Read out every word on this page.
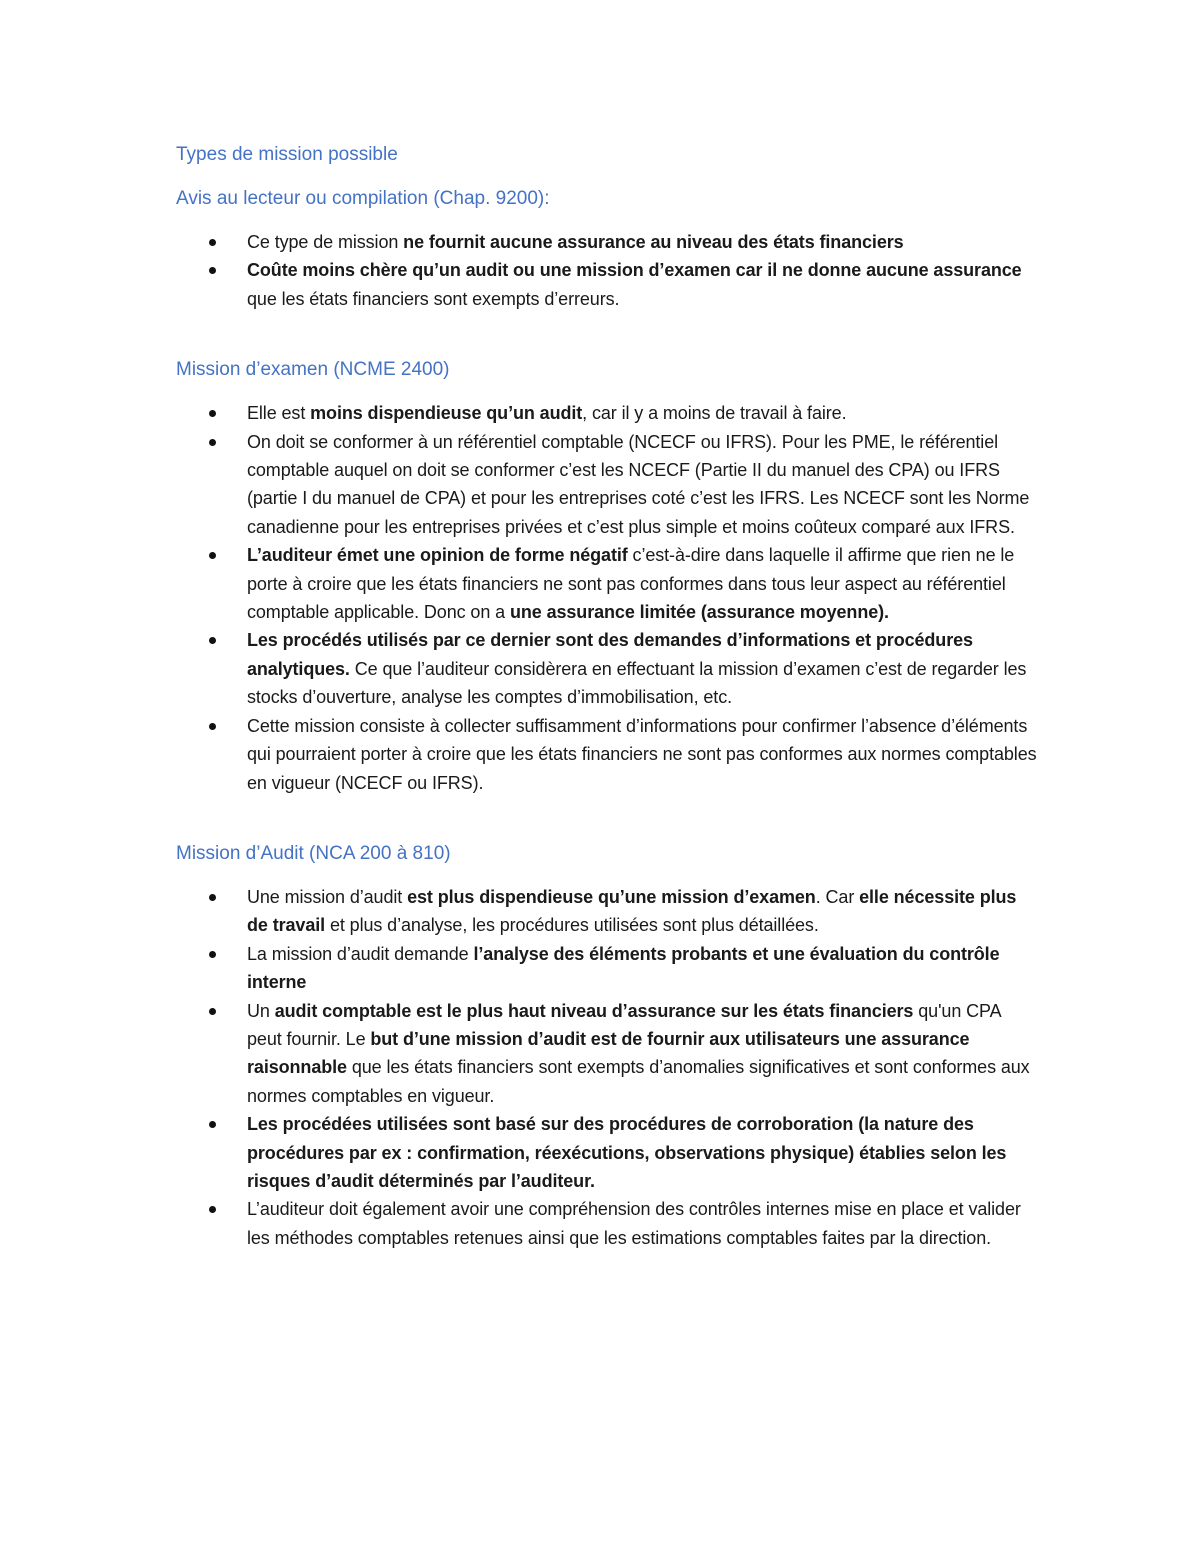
Types de mission possible
Avis au lecteur ou compilation (Chap. 9200):
Ce type de mission ne fournit aucune assurance au niveau des états financiers
Coûte moins chère qu’un audit ou une mission d’examen car il ne donne aucune assurance que les états financiers sont exempts d’erreurs.
Mission d’examen (NCME 2400)
Elle est moins dispendieuse qu’un audit, car il y a moins de travail à faire.
On doit se conformer à un référentiel comptable (NCECF ou IFRS). Pour les PME, le référentiel comptable auquel on doit se conformer c’est les NCECF (Partie II du manuel des CPA) ou IFRS (partie I du manuel de CPA) et pour les entreprises coté c’est les IFRS. Les NCECF sont les Norme canadienne pour les entreprises privées et c’est plus simple et moins coûteux comparé aux IFRS.
L’auditeur émet une opinion de forme négatif c’est-à-dire dans laquelle il affirme que rien ne le porte à croire que les états financiers ne sont pas conformes dans tous leur aspect au référentiel comptable applicable. Donc on a une assurance limitée (assurance moyenne).
Les procédés utilisés par ce dernier sont des demandes d’informations et procédures analytiques. Ce que l’auditeur considèrera en effectuant la mission d’examen c’est de regarder les stocks d’ouverture, analyse les comptes d’immobilisation, etc.
Cette mission consiste à collecter suffisamment d’informations pour confirmer l’absence d’éléments qui pourraient porter à croire que les états financiers ne sont pas conformes aux normes comptables en vigueur (NCECF ou IFRS).
Mission d’Audit (NCA 200 à 810)
Une mission d’audit est plus dispendieuse qu’une mission d’examen. Car elle nécessite plus de travail et plus d’analyse, les procédures utilisées sont plus détaillées.
La mission d’audit demande l’analyse des éléments probants et une évaluation du contrôle interne
Un audit comptable est le plus haut niveau d’assurance sur les états financiers qu'un CPA peut fournir. Le but d’une mission d’audit est de fournir aux utilisateurs une assurance raisonnable que les états financiers sont exempts d’anomalies significatives et sont conformes aux normes comptables en vigueur.
Les procédées utilisées sont basé sur des procédures de corroboration (la nature des procédures par ex : confirmation, réexécutions, observations physique) établies selon les risques d’audit déterminés par l’auditeur.
L’auditeur doit également avoir une compréhension des contrôles internes mise en place et valider les méthodes comptables retenues ainsi que les estimations comptables faites par la direction.
